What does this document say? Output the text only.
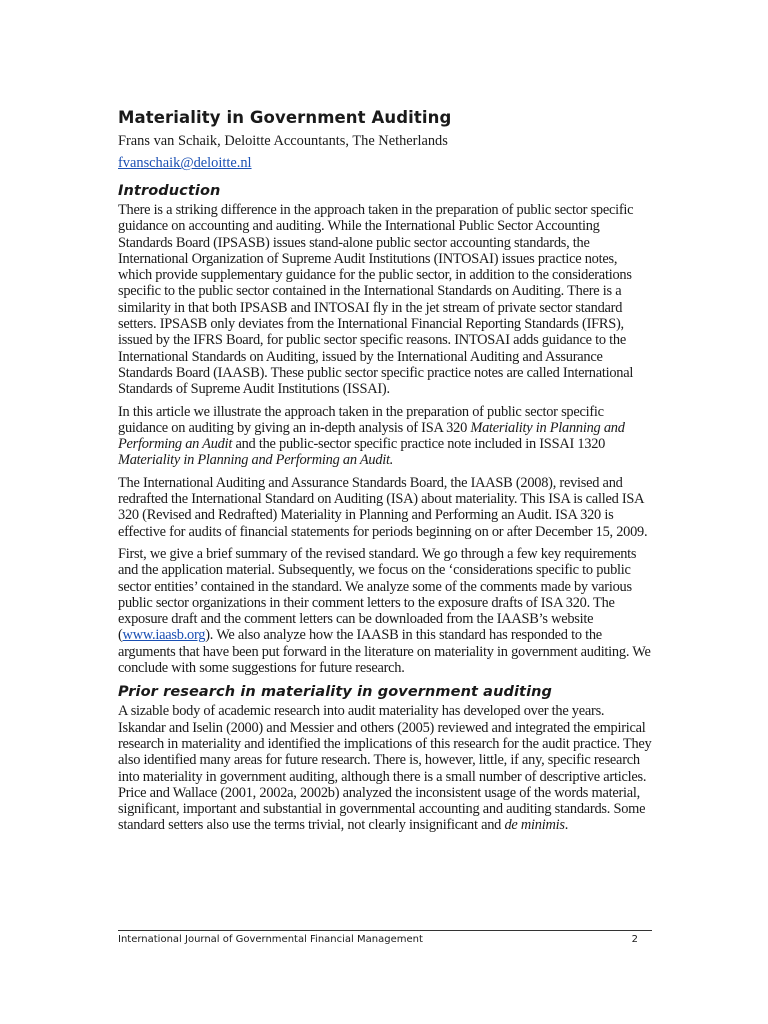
Materiality in Government Auditing
Frans van Schaik, Deloitte Accountants, The Netherlands
fvanschaik@deloitte.nl
Introduction

There is a striking difference in the approach taken in the preparation of public sector specific guidance on accounting and auditing. While the International Public Sector Accounting Standards Board (IPSASB) issues stand-alone public sector accounting standards, the International Organization of Supreme Audit Institutions (INTOSAI) issues practice notes, which provide supplementary guidance for the public sector, in addition to the considerations specific to the public sector contained in the International Standards on Auditing. There is a similarity in that both IPSASB and INTOSAI fly in the jet stream of private sector standard setters. IPSASB only deviates from the International Financial Reporting Standards (IFRS), issued by the IFRS Board, for public sector specific reasons. INTOSAI adds guidance to the International Standards on Auditing, issued by the International Auditing and Assurance Standards Board (IAASB). These public sector specific practice notes are called International Standards of Supreme Audit Institutions (ISSAI).

In this article we illustrate the approach taken in the preparation of public sector specific guidance on auditing by giving an in-depth analysis of ISA 320 Materiality in Planning and Performing an Audit and the public-sector specific practice note included in ISSAI 1320 Materiality in Planning and Performing an Audit.

The International Auditing and Assurance Standards Board, the IAASB (2008), revised and redrafted the International Standard on Auditing (ISA) about materiality. This ISA is called ISA 320 (Revised and Redrafted) Materiality in Planning and Performing an Audit. ISA 320 is effective for audits of financial statements for periods beginning on or after December 15, 2009.

First, we give a brief summary of the revised standard. We go through a few key requirements and the application material. Subsequently, we focus on the ‘considerations specific to public sector entities’ contained in the standard. We analyze some of the comments made by various public sector organizations in their comment letters to the exposure drafts of ISA 320. The exposure draft and the comment letters can be downloaded from the IAASB’s website (www.iaasb.org). We also analyze how the IAASB in this standard has responded to the arguments that have been put forward in the literature on materiality in government auditing. We conclude with some suggestions for future research.

Prior research in materiality in government auditing

A sizable body of academic research into audit materiality has developed over the years. Iskandar and Iselin (2000) and Messier and others (2005) reviewed and integrated the empirical research in materiality and identified the implications of this research for the audit practice. They also identified many areas for future research. There is, however, little, if any, specific research into materiality in government auditing, although there is a small number of descriptive articles. Price and Wallace (2001, 2002a, 2002b) analyzed the inconsistent usage of the words material, significant, important and substantial in governmental accounting and auditing standards. Some standard setters also use the terms trivial, not clearly insignificant and de minimis.

International Journal of Governmental Financial Management	2
